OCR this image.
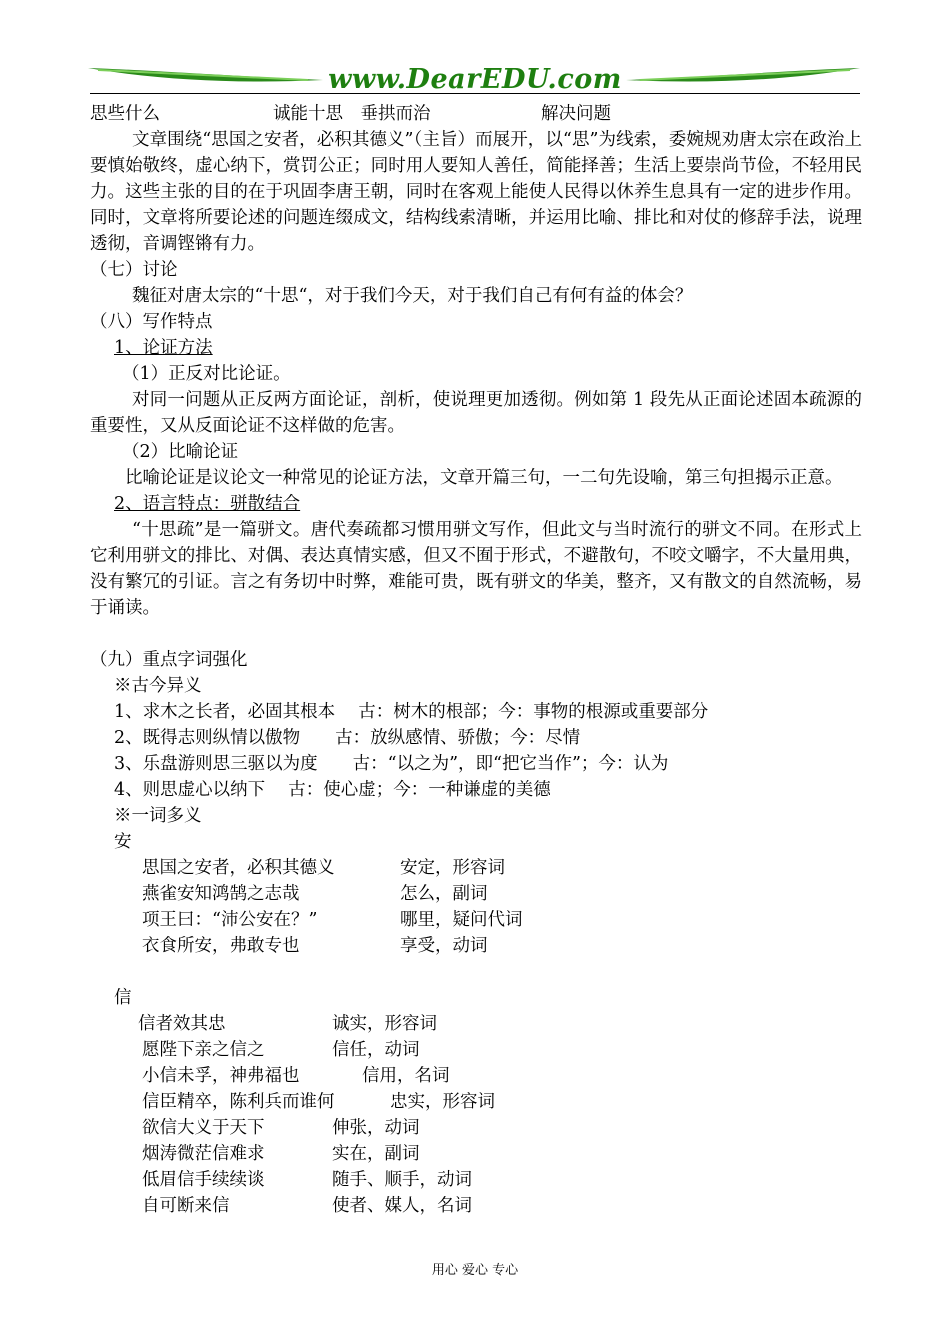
www.DearEDU.com
思些什么	诚能十思　垂拱而治	解决问题
文章围绕“思国之安者，必积其德义”（主旨）而展开，以“思”为线索，委婉规劝唐太宗在政治上要慎始敬终，虚心纳下，赏罚公正；同时用人要知人善任，简能择善；生活上要崇尚节俭，不轻用民力。这些主张的目的在于巩固李唐王朝，同时在客观上能使人民得以休养生息具有一定的进步作用。同时，文章将所要论述的问题连缀成文，结构线索清晰，并运用比喻、排比和对仗的修辞手法，说理透彻，音调铿锵有力。
（七）讨论
魏征对唐太宗的“十思“，对于我们今天，对于我们自己有何有益的体会？
（八）写作特点
1、论证方法
（1）正反对比论证。
对同一问题从正反两方面论证，剖析，使说理更加透彻。例如第 1 段先从正面论述固本疏源的重要性，又从反面论证不这样做的危害。
（2）比喻论证
比喻论证是议论文一种常见的论证方法，文章开篇三句，一二句先设喻，第三句担揭示正意。
2、语言特点：骈散结合
“十思疏”是一篇骈文。唐代奏疏都习惯用骈文写作，但此文与当时流行的骈文不同。在形式上它利用骈文的排比、对偶、表达真情实感，但又不囿于形式，不避散句，不咬文嚼字，不大量用典，没有繁冗的引证。言之有务切中时弊，难能可贵，既有骈文的华美，整齐，又有散文的自然流畅，易于诵读。
（九）重点字词强化
※古今异义
1、求木之长者，必固其根本　 古：树木的根部；今：事物的根源或重要部分
2、既得志则纵情以傲物　　古：放纵感情、骄傲；今：尽情
3、乐盘游则思三驱以为度　　古：“以之为”，即“把它当作”；今：认为
4、则思虚心以纳下　 古：使心虚；今：一种谦虚的美德
※一词多义
安
思国之安者，必积其德义	安定，形容词
燕雀安知鸿鹄之志哉	怎么，副词
项王曰：“沛公安在？”	哪里，疑问代词
衣食所安，弗敢专也	享受，动词
信
信者效其忠	诚实，形容词
愿陛下亲之信之	信任，动词
小信未孚，神弗福也	信用，名词
信臣精卒，陈利兵而谁何	忠实，形容词
欲信大义于天下	伸张，动词
烟涛微茫信难求	实在，副词
低眉信手续续谈	随手、顺手，动词
自可断来信	使者、媒人，名词
用心 爱心 专心
